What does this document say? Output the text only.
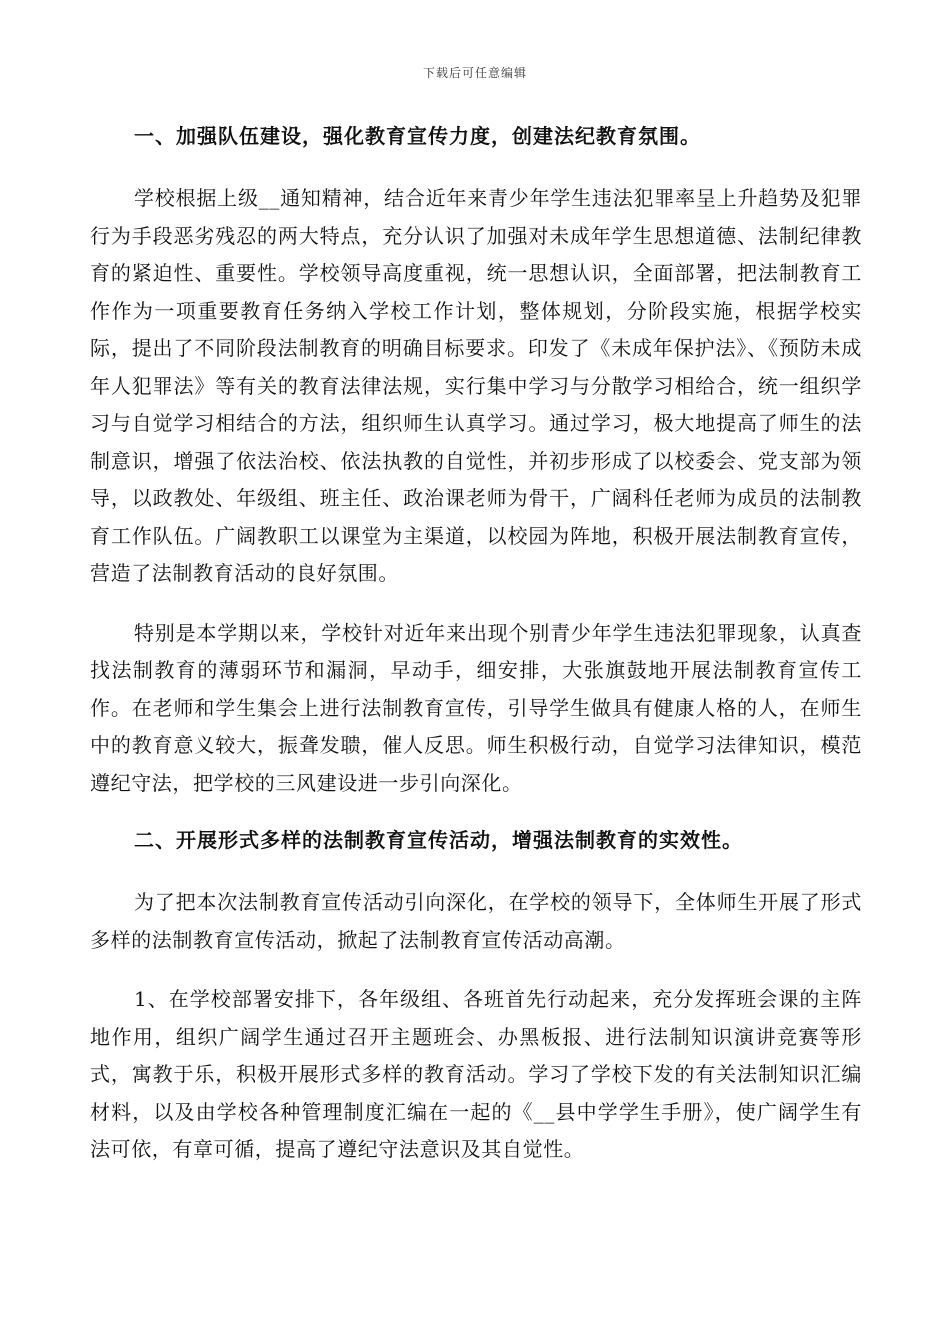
下载后可任意编辑

一、加强队伍建设，强化教育宣传力度，创建法纪教育氛围。

学校根据上级__通知精神，结合近年来青少年学生违法犯罪率呈上升趋势及犯罪行为手段恶劣残忍的两大特点，充分认识了加强对未成年学生思想道德、法制纪律教育的紧迫性、重要性。学校领导高度重视，统一思想认识，全面部署，把法制教育工作作为一项重要教育任务纳入学校工作计划，整体规划，分阶段实施，根据学校实际，提出了不同阶段法制教育的明确目标要求。印发了《未成年保护法》、《预防未成年人犯罪法》等有关的教育法律法规，实行集中学习与分散学习相给合，统一组织学习与自觉学习相结合的方法，组织师生认真学习。通过学习，极大地提高了师生的法制意识，增强了依法治校、依法执教的自觉性，并初步形成了以校委会、党支部为领导，以政教处、年级组、班主任、政治课老师为骨干，广阔科任老师为成员的法制教育工作队伍。广阔教职工以课堂为主渠道，以校园为阵地，积极开展法制教育宣传，营造了法制教育活动的良好氛围。

特别是本学期以来，学校针对近年来出现个别青少年学生违法犯罪现象，认真查找法制教育的薄弱环节和漏洞，早动手，细安排，大张旗鼓地开展法制教育宣传工作。在老师和学生集会上进行法制教育宣传，引导学生做具有健康人格的人，在师生中的教育意义较大，振聋发聩，催人反思。师生积极行动，自觉学习法律知识，模范遵纪守法，把学校的三风建设进一步引向深化。

二、开展形式多样的法制教育宣传活动，增强法制教育的实效性。

为了把本次法制教育宣传活动引向深化，在学校的领导下，全体师生开展了形式多样的法制教育宣传活动，掀起了法制教育宣传活动高潮。

1、在学校部署安排下，各年级组、各班首先行动起来，充分发挥班会课的主阵地作用，组织广阔学生通过召开主题班会、办黑板报、进行法制知识演讲竞赛等形式，寓教于乐，积极开展形式多样的教育活动。学习了学校下发的有关法制知识汇编材料，以及由学校各种管理制度汇编在一起的《__县中学学生手册》，使广阔学生有法可依，有章可循，提高了遵纪守法意识及其自觉性。
